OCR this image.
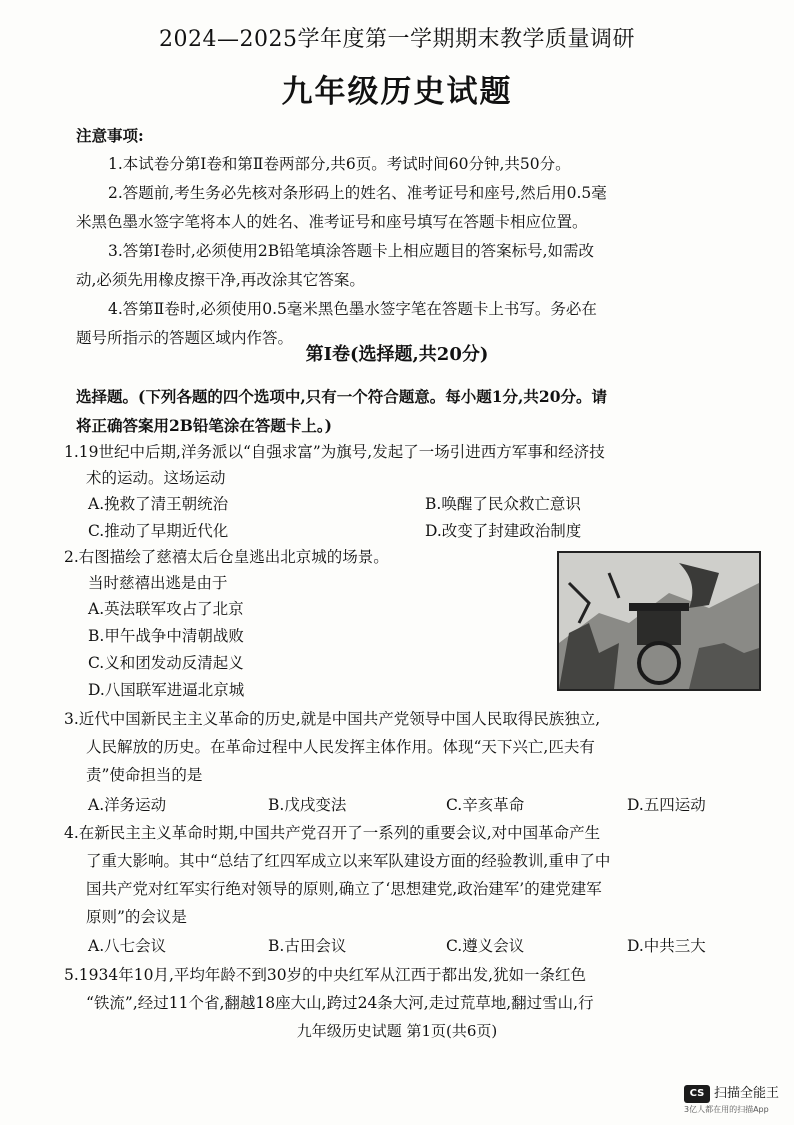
2024—2025学年度第一学期期末教学质量调研
九年级历史试题
注意事项:
1.本试卷分第Ⅰ卷和第Ⅱ卷两部分,共6页。考试时间60分钟,共50分。
2.答题前,考生务必先核对条形码上的姓名、准考证号和座号,然后用0.5毫
米黑色墨水签字笔将本人的姓名、准考证号和座号填写在答题卡相应位置。
3.答第Ⅰ卷时,必须使用2B铅笔填涂答题卡上相应题目的答案标号,如需改
动,必须先用橡皮擦干净,再改涂其它答案。
4.答第Ⅱ卷时,必须使用0.5毫米黑色墨水签字笔在答题卡上书写。务必在
题号所指示的答题区域内作答。
第Ⅰ卷(选择题,共20分)
选择题。(下列各题的四个选项中,只有一个符合题意。每小题1分,共20分。请
将正确答案用2B铅笔涂在答题卡上。)
1.19世纪中后期,洋务派以“自强求富”为旗号,发起了一场引进西方军事和经济技
术的运动。这场运动
A.挽救了清王朝统治	B.唤醒了民众救亡意识
C.推动了早期近代化	D.改变了封建政治制度
2.右图描绘了慈禧太后仓皇逃出北京城的场景。
当时慈禧出逃是由于
A.英法联军攻占了北京
B.甲午战争中清朝战败
C.义和团发动反清起义
D.八国联军进逼北京城
3.近代中国新民主主义革命的历史,就是中国共产党领导中国人民取得民族独立,
人民解放的历史。在革命过程中人民发挥主体作用。体现“天下兴亡,匹夫有
责”使命担当的是
A.洋务运动	B.戊戌变法	C.辛亥革命	D.五四运动
4.在新民主主义革命时期,中国共产党召开了一系列的重要会议,对中国革命产生
了重大影响。其中“总结了红四军成立以来军队建设方面的经验教训,重申了中
国共产党对红军实行绝对领导的原则,确立了‘思想建党,政治建军’的建党建军
原则”的会议是
A.八七会议	B.古田会议	C.遵义会议	D.中共三大
5.1934年10月,平均年龄不到30岁的中央红军从江西于都出发,犹如一条红色
“铁流”,经过11个省,翻越18座大山,跨过24条大河,走过荒草地,翻过雪山,行
九年级历史试题 第1页(共6页)
CS 扫描全能王
3亿人都在用的扫描App
